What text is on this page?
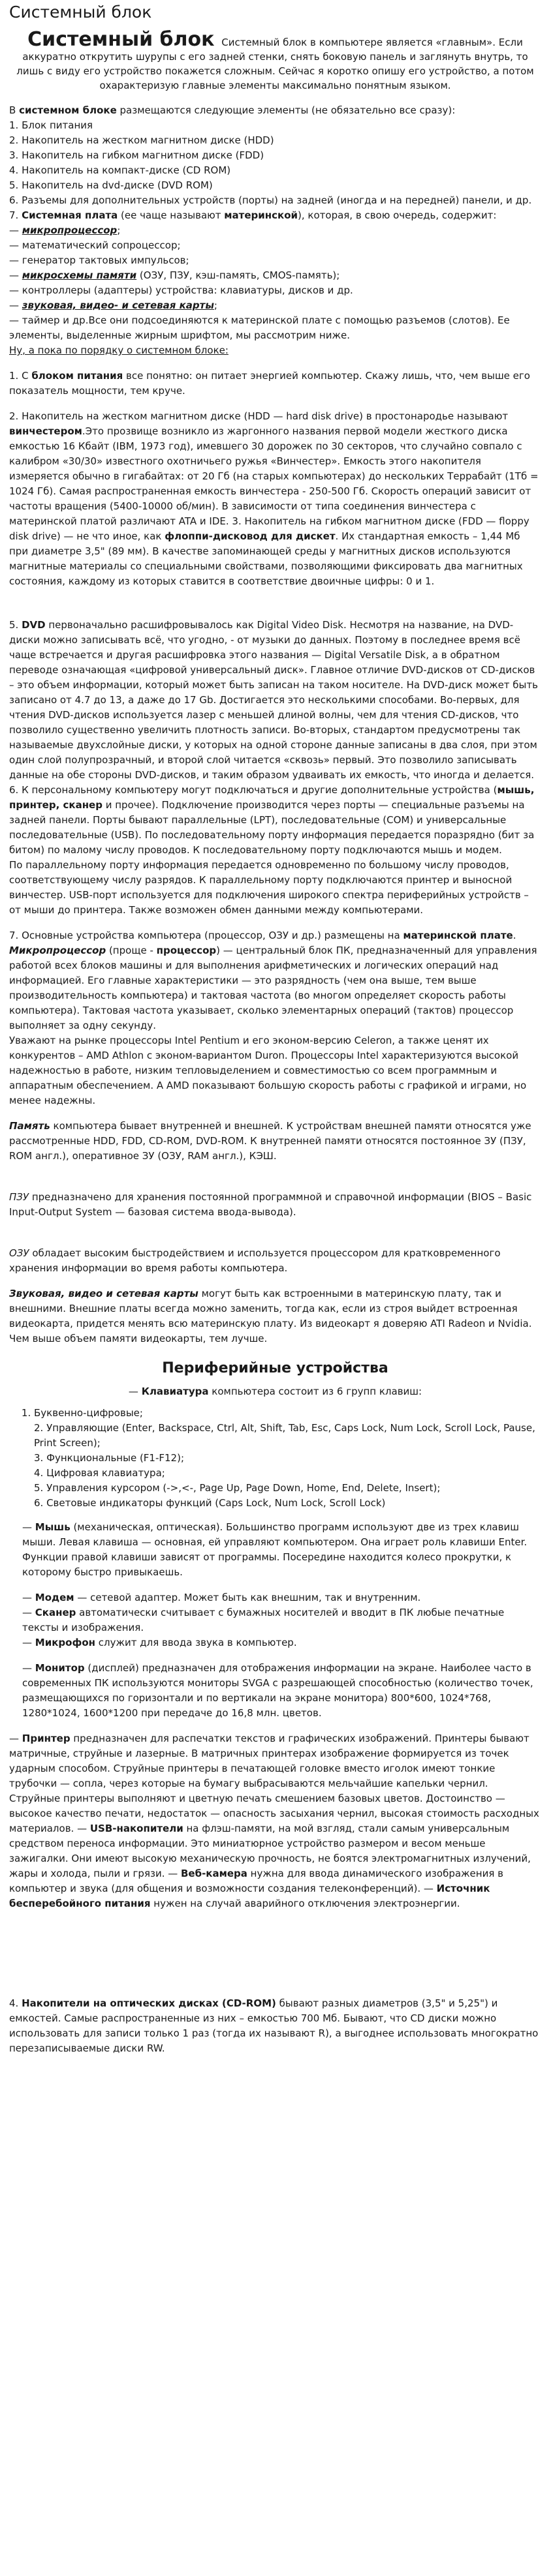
Системный блок
Системный блок Системный блок в компьютере является «главным». Если аккуратно открутить шурупы с его задней стенки, снять боковую панель и заглянуть внутрь, то лишь с виду его устройство покажется сложным. Сейчас я коротко опишу его устройство, а потом охарактеризую главные элементы максимально понятным языком.

В системном блоке размещаются следующие элементы (не обязательно все сразу):

1. Блок питания

2. Накопитель на жестком магнитном диске (HDD)

3. Накопитель на гибком магнитном диске (FDD)

4. Накопитель на компакт-диске (CD ROM)

5. Накопитель на dvd-диске (DVD ROM)

6. Разъемы для дополнительных устройств (порты) на задней (иногда и на передней) панели, и др.

7. Системная плата (ее чаще называют материнской), которая, в свою очередь, содержит:

— микропроцессор;

— математический сопроцессор;

— генератор тактовых импульсов;

— микросхемы памяти (ОЗУ, ПЗУ, кэш-память, CMOS-память);

— контроллеры (адаптеры) устройства: клавиатуры, дисков и др.

— звуковая, видео- и сетевая карты;

— таймер и др.Все они подсоединяются к материнской плате с помощью разъемов (слотов). Ее элементы, выделенные жирным шрифтом, мы рассмотрим ниже.

Ну, а пока по порядку о системном блоке:

1. С блоком питания все понятно: он питает энергией компьютер. Скажу лишь, что, чем выше его показатель мощности, тем круче.

2. Накопитель на жестком магнитном диске (HDD — hard disk drive) в простонародье называют винчестером.Это прозвище возникло из жаргонного названия первой модели жесткого диска емкостью 16 Кбайт (IBM, 1973 год), имевшего 30 дорожек по 30 секторов, что случайно совпало с калибром «30/30» известного охотничьего ружья «Винчестер». Емкость этого накопителя измеряется обычно в гигабайтах: от 20 Гб (на старых компьютерах) до нескольких Террабайт (1Тб = 1024 Гб). Самая распространенная емкость винчестера - 250-500 Гб. Скорость операций зависит от частоты вращения (5400-10000 об/мин). В зависимости от типа соединения винчестера с материнской платой различают ATA и IDE. 3. Накопитель на гибком магнитном диске (FDD — floppy disk drive) — не что иное, как флоппи-дисковод для дискет. Их стандартная емкость – 1,44 Мб при диаметре 3,5" (89 мм). В качестве запоминающей среды у магнитных дисков используются магнитные материалы со специальными свойствами, позволяющими фиксировать два магнитных состояния, каждому из которых ставится в соответствие двоичные цифры: 0 и 1.

5. DVD первоначально расшифровывалось как Digital Video Disk. Несмотря на название, на DVD-диски можно записывать всё, что угодно, - от музыки до данных. Поэтому в последнее время всё чаще встречается и другая расшифровка этого названия — Digital Versatile Disk, а в обратном переводе означающая «цифровой универсальный диск». Главное отличие DVD-дисков от CD-дисков – это объем информации, который может быть записан на таком носителе. На DVD-диск может быть записано от 4.7 до 13, а даже до 17 Gb. Достигается это несколькими способами. Во-первых, для чтения DVD-дисков используется лазер с меньшей длиной волны, чем для чтения CD-дисков, что позволило существенно увеличить плотность записи. Во-вторых, стандартом предусмотрены так называемые двухслойные диски, у которых на одной стороне данные записаны в два слоя, при этом один слой полупрозрачный, и второй слой читается «сквозь» первый. Это позволило записывать данные на обе стороны DVD-дисков, и таким образом удваивать их емкость, что иногда и делается. 6. К персональному компьютеру могут подключаться и другие дополнительные устройства (мышь, принтер, сканер и прочее). Подключение производится через порты — специальные разъемы на задней панели. Порты бывают параллельные (LPT), последовательные (COM) и универсальные последовательные (USB). По последовательному порту информация передается поразрядно (бит за битом) по малому числу проводов. К последовательному порту подключаются мышь и модем.

По параллельному порту информация передается одновременно по большому числу проводов, соответствующему числу разрядов. К параллельному порту подключаются принтер и выносной винчестер. USB-порт используется для подключения широкого спектра периферийных устройств – от мыши до принтера. Также возможен обмен данными между компьютерами.

7. Основные устройства компьютера (процессор, ОЗУ и др.) размещены на материнской плате. Микропроцессор (проще - процессор) — центральный блок ПК, предназначенный для управления работой всех блоков машины и для выполнения арифметических и логических операций над информацией. Его главные характеристики — это разрядность (чем она выше, тем выше производительность компьютера) и тактовая частота (во многом определяет скорость работы компьютера). Тактовая частота указывает, сколько элементарных операций (тактов) процессор выполняет за одну секунду.

Уважают на рынке процессоры Intel Pentium и его эконом-версию Celeron, а также ценят их конкурентов – AMD Athlon с эконом-вариантом Duron. Процессоры Intel характеризуются высокой надежностью в работе, низким тепловыделением и совместимостью со всем программным и аппаратным обеспечением. А AMD показывают большую скорость работы с графикой и играми, но менее надежны.

Память компьютера бывает внутренней и внешней. К устройствам внешней памяти относятся уже рассмотренные HDD, FDD, CD-ROM, DVD-ROM. К внутренней памяти относятся постоянное ЗУ (ПЗУ, ROM англ.), оперативное ЗУ (ОЗУ, RAM англ.), КЭШ.

ПЗУ предназначено для хранения постоянной программной и справочной информации (BIOS – Basic Input-Output System — базовая система ввода-вывода).

ОЗУ обладает высоким быстродействием и используется процессором для кратковременного хранения информации во время работы компьютера.

Звуковая, видео и сетевая карты могут быть как встроенными в материнскую плату, так и внешними. Внешние платы всегда можно заменить, тогда как, если из строя выйдет встроенная видеокарта, придется менять всю материнскую плату. Из видеокарт я доверяю ATI Radeon и Nvidia. Чем выше объем памяти видеокарты, тем лучше.

Периферийные устройства

— Клавиатура компьютера состоит из 6 групп клавиш:

1. Буквенно-цифровые;
2. Управляющие (Enter, Backspace, Ctrl, Alt, Shift, Tab, Esc, Caps Lock, Num Lock, Scroll Lock, Pause, Print Screen);
3. Функциональные (F1-F12);
4. Цифровая клавиатура;
5. Управления курсором (->,<-, Page Up, Page Down, Home, End, Delete, Insert);
6. Световые индикаторы функций (Caps Lock, Num Lock, Scroll Lock)

— Мышь (механическая, оптическая). Большинство программ используют две из трех клавиш мыши. Левая клавиша — основная, ей управляют компьютером. Она играет роль клавиши Enter. Функции правой клавиши зависят от программы. Посередине находится колесо прокрутки, к которому быстро привыкаешь.

— Модем — сетевой адаптер. Может быть как внешним, так и внутренним.

— Сканер автоматически считывает с бумажных носителей и вводит в ПК любые печатные тексты и изображения.

— Микрофон служит для ввода звука в компьютер.

— Монитор (дисплей) предназначен для отображения информации на экране. Наиболее часто в современных ПК используются мониторы SVGA с разрешающей способностью (количество точек, размещающихся по горизонтали и по вертикали на экране монитора) 800*600, 1024*768, 1280*1024, 1600*1200 при передаче до 16,8 млн. цветов.

— Принтер предназначен для распечатки текстов и графических изображений. Принтеры бывают матричные, струйные и лазерные. В матричных принтерах изображение формируется из точек ударным способом. Струйные принтеры в печатающей головке вместо иголок имеют тонкие трубочки — сопла, через которые на бумагу выбрасываются мельчайшие капельки чернил. Струйные принтеры выполняют и цветную печать смешением базовых цветов. Достоинство — высокое качество печати, недостаток — опасность засыхания чернил, высокая стоимость расходных материалов. — USB-накопители на флэш-памяти, на мой взгляд, стали самым универсальным средством переноса информации. Это миниатюрное устройство размером и весом меньше зажигалки. Они имеют высокую механическую прочность, не боятся электромагнитных излучений, жары и холода, пыли и грязи. — Веб-камера нужна для ввода динамического изображения в компьютер и звука (для общения и возможности создания телеконференций). — Источник бесперебойного питания нужен на случай аварийного отключения электроэнергии.

4. Накопители на оптических дисках (CD-ROM) бывают разных диаметров (3,5" и 5,25") и емкостей. Самые распространенные из них – емкостью 700 Мб. Бывают, что CD диски можно использовать для записи только 1 раз (тогда их называют R), а выгоднее использовать многократно перезаписываемые диски RW.
